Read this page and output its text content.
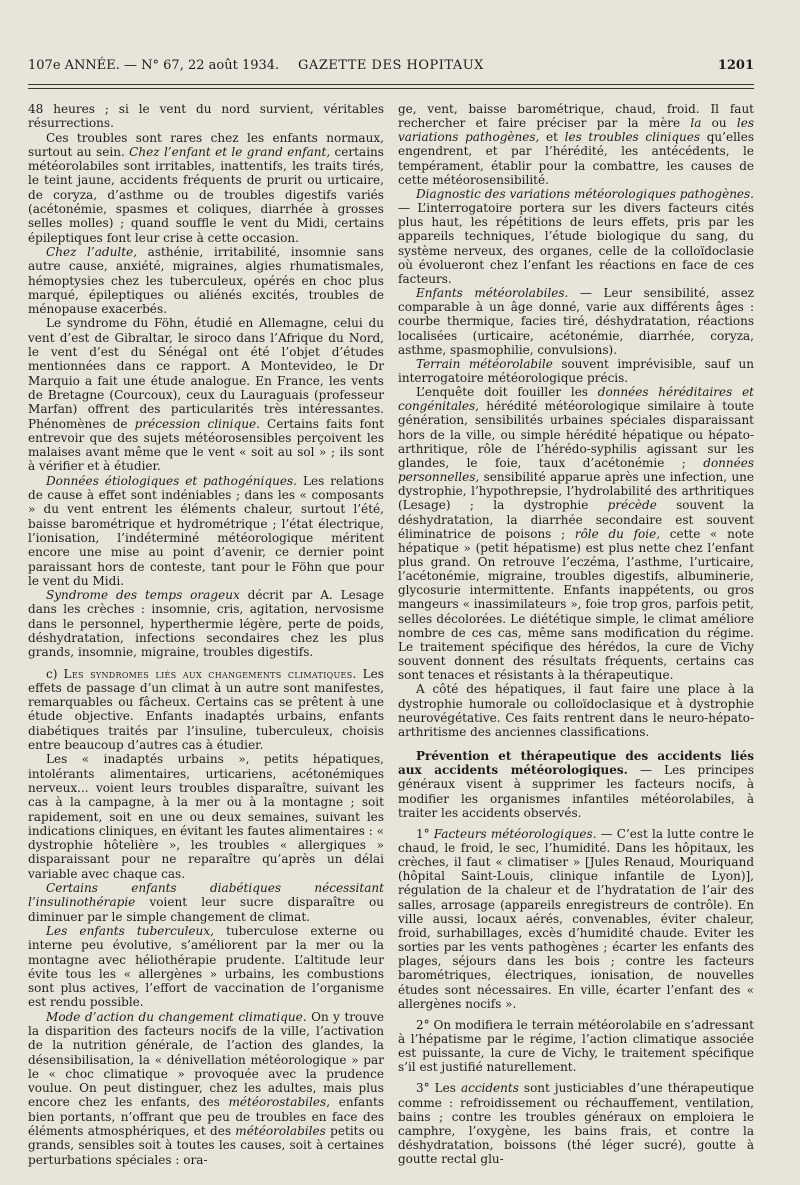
107e ANNÉE. — N° 67, 22 août 1934.	GAZETTE DES HOPITAUX	1201

48 heures ; si le vent du nord survient, véritables résurrections.

Ces troubles sont rares chez les enfants normaux, surtout au sein. Chez l’enfant et le grand enfant, certains météorolabiles sont irritables, inattentifs, les traits tirés, le teint jaune, accidents fréquents de prurit ou urticaire, de coryza, d’asthme ou de troubles digestifs variés (acétonémie, spasmes et coliques, diarrhée à grosses selles molles) ; quand souffle le vent du Midi, certains épileptiques font leur crise à cette occasion.

Chez l’adulte, asthénie, irritabilité, insomnie sans autre cause, anxiété, migraines, algies rhumatismales, hémoptysies chez les tuberculeux, opérés en choc plus marqué, épileptiques ou aliénés excités, troubles de ménopause exacerbés.

Le syndrome du Föhn, étudié en Allemagne, celui du vent d’est de Gibraltar, le siroco dans l’Afrique du Nord, le vent d’est du Sénégal ont été l’objet d’études mentionnées dans ce rapport. A Montevideo, le Dr Marquio a fait une étude analogue. En France, les vents de Bretagne (Courcoux), ceux du Lauraguais (professeur Marfan) offrent des particularités très intéressantes. Phénomènes de précession clinique. Certains faits font entrevoir que des sujets météorosensibles perçoivent les malaises avant même que le vent « soit au sol » ; ils sont à vérifier et à étudier.

Données étiologiques et pathogéniques. Les relations de cause à effet sont indéniables ; dans les « composants » du vent entrent les éléments chaleur, surtout l’été, baisse barométrique et hydrométrique ; l’état électrique, l’ionisation, l’indéterminé météorologique méritent encore une mise au point d’avenir, ce dernier point paraissant hors de conteste, tant pour le Föhn que pour le vent du Midi.

Syndrome des temps orageux décrit par A. Lesage dans les crèches : insomnie, cris, agitation, nervosisme dans le personnel, hyperthermie légère, perte de poids, déshydratation, infections secondaires chez les plus grands, insomnie, migraine, troubles digestifs.

c) Les syndromes liés aux changements climatiques. Les effets de passage d’un climat à un autre sont manifestes, remarquables ou fâcheux. Certains cas se prêtent à une étude objective. Enfants inadaptés urbains, enfants diabétiques traités par l’insuline, tuberculeux, choisis entre beaucoup d’autres cas à étudier.

Les « inadaptés urbains », petits hépatiques, intolérants alimentaires, urticariens, acétonémiques nerveux... voient leurs troubles disparaître, suivant les cas à la campagne, à la mer ou à la montagne ; soit rapidement, soit en une ou deux semaines, suivant les indications cliniques, en évitant les fautes alimentaires : « dystrophie hôtelière », les troubles « allergiques » disparaissant pour ne reparaître qu’après un délai variable avec chaque cas.

Certains enfants diabétiques nécessitant l’insulinothérapie voient leur sucre disparaître ou diminuer par le simple changement de climat.

Les enfants tuberculeux, tuberculose externe ou interne peu évolutive, s’améliorent par la mer ou la montagne avec héliothérapie prudente. L’altitude leur évite tous les « allergènes » urbains, les combustions sont plus actives, l’effort de vaccination de l’organisme est rendu possible.

Mode d’action du changement climatique. On y trouve la disparition des facteurs nocifs de la ville, l’activation de la nutrition générale, de l’action des glandes, la désensibilisation, la « dénivellation météorologique » par le « choc climatique » provoquée avec la prudence voulue. On peut distinguer, chez les adultes, mais plus encore chez les enfants, des météorostabiles, enfants bien portants, n’offrant que peu de troubles en face des éléments atmosphériques, et des météorolabiles petits ou grands, sensibles soit à toutes les causes, soit à certaines perturbations spéciales : ora-

ge, vent, baisse barométrique, chaud, froid. Il faut rechercher et faire préciser par la mère la ou les variations pathogènes, et les troubles cliniques qu’elles engendrent, et par l’hérédité, les antécédents, le tempérament, établir pour la combattre, les causes de cette météorosensibilité.

Diagnostic des variations météorologiques pathogènes. — L’interrogatoire portera sur les divers facteurs cités plus haut, les répétitions de leurs effets, pris par les appareils techniques, l’étude biologique du sang, du système nerveux, des organes, celle de la colloïdoclasie où évolueront chez l’enfant les réactions en face de ces facteurs.

Enfants météorolabiles. — Leur sensibilité, assez comparable à un âge donné, varie aux différents âges : courbe thermique, facies tiré, déshydratation, réactions localisées (urticaire, acétonémie, diarrhée, coryza, asthme, spasmophilie, convulsions).

Terrain météorolabile souvent imprévisible, sauf un interrogatoire météorologique précis.

L’enquête doit fouiller les données héréditaires et congénitales, hérédité météorologique similaire à toute génération, sensibilités urbaines spéciales disparaissant hors de la ville, ou simple hérédité hépatique ou hépato-arthritique, rôle de l’hérédo-syphilis agissant sur les glandes, le foie, taux d’acétonémie ; données personnelles, sensibilité apparue après une infection, une dystrophie, l’hypothrepsie, l’hydrolabilité des arthritiques (Lesage) ; la dystrophie précède souvent la déshydratation, la diarrhée secondaire est souvent éliminatrice de poisons ; rôle du foie, cette « note hépatique » (petit hépatisme) est plus nette chez l’enfant plus grand. On retrouve l’eczéma, l’asthme, l’urticaire, l’acétonémie, migraine, troubles digestifs, albuminerie, glycosurie intermittente. Enfants inappétents, ou gros mangeurs « inassimilateurs », foie trop gros, parfois petit, selles décolorées. Le diététique simple, le climat améliore nombre de ces cas, même sans modification du régime. Le traitement spécifique des hérédos, la cure de Vichy souvent donnent des résultats fréquents, certains cas sont tenaces et résistants à la thérapeutique.

A côté des hépatiques, il faut faire une place à la dystrophie humorale ou colloïdoclasique et à dystrophie neurovégétative. Ces faits rentrent dans le neuro-hépato-arthritisme des anciennes classifications.

Prévention et thérapeutique des accidents liés aux accidents météorologiques. — Les principes généraux visent à supprimer les facteurs nocifs, à modifier les organismes infantiles météorolabiles, à traiter les accidents observés.

1° Facteurs météorologiques. — C’est la lutte contre le chaud, le froid, le sec, l’humidité. Dans les hôpitaux, les crèches, il faut « climatiser » [Jules Renaud, Mouriquand (hôpital Saint-Louis, clinique infantile de Lyon)], régulation de la chaleur et de l’hydratation de l’air des salles, arrosage (appareils enregistreurs de contrôle). En ville aussi, locaux aérés, convenables, éviter chaleur, froid, surhabillages, excès d’humidité chaude. Eviter les sorties par les vents pathogènes ; écarter les enfants des plages, séjours dans les bois ; contre les facteurs barométriques, électriques, ionisation, de nouvelles études sont nécessaires. En ville, écarter l’enfant des « allergènes nocifs ».

2° On modifiera le terrain météorolabile en s’adressant à l’hépatisme par le régime, l’action climatique associée est puissante, la cure de Vichy, le traitement spécifique s’il est justifié naturellement.

3° Les accidents sont justiciables d’une thérapeutique comme : refroidissement ou réchauffement, ventilation, bains ; contre les troubles généraux on emploiera le camphre, l’oxygène, les bains frais, et contre la déshydratation, boissons (thé léger sucré), goutte à goutte rectal glu-
